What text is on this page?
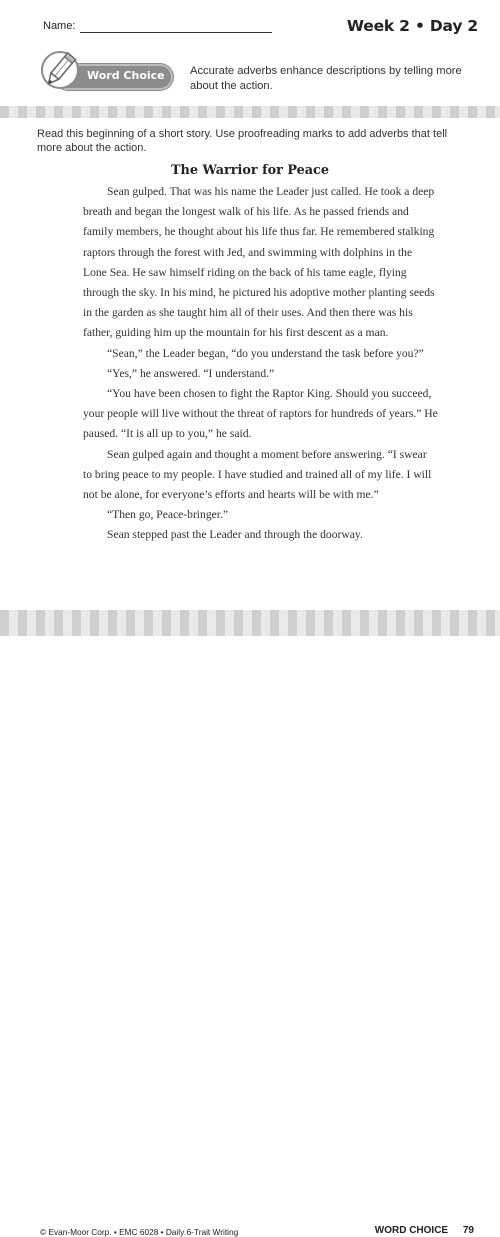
Name:	Week 2 • Day 2
Word Choice Accurate adverbs enhance descriptions by telling more about the action.
Read this beginning of a short story. Use proofreading marks to add adverbs that tell more about the action.
The Warrior for Peace

Sean gulped. That was his name the Leader just called. He took a deep breath and began the longest walk of his life. As he passed friends and family members, he thought about his life thus far. He remembered stalking raptors through the forest with Jed, and swimming with dolphins in the Lone Sea. He saw himself riding on the back of his tame eagle, flying through the sky. In his mind, he pictured his adoptive mother planting seeds in the garden as she taught him all of their uses. And then there was his father, guiding him up the mountain for his first descent as a man.

“Sean,” the Leader began, “do you understand the task before you?”

“Yes,” he answered. “I understand.”

“You have been chosen to fight the Raptor King. Should you succeed, your people will live without the threat of raptors for hundreds of years.” He paused. “It is all up to you,” he said.

Sean gulped again and thought a moment before answering. “I swear to bring peace to my people. I have studied and trained all of my life. I will not be alone, for everyone’s efforts and hearts will be with me.”

“Then go, Peace-bringer.”

Sean stepped past the Leader and through the doorway.

© Evan-Moor Corp. • EMC 6028 • Daily 6-Trait Writing	WORD CHOICE 79
